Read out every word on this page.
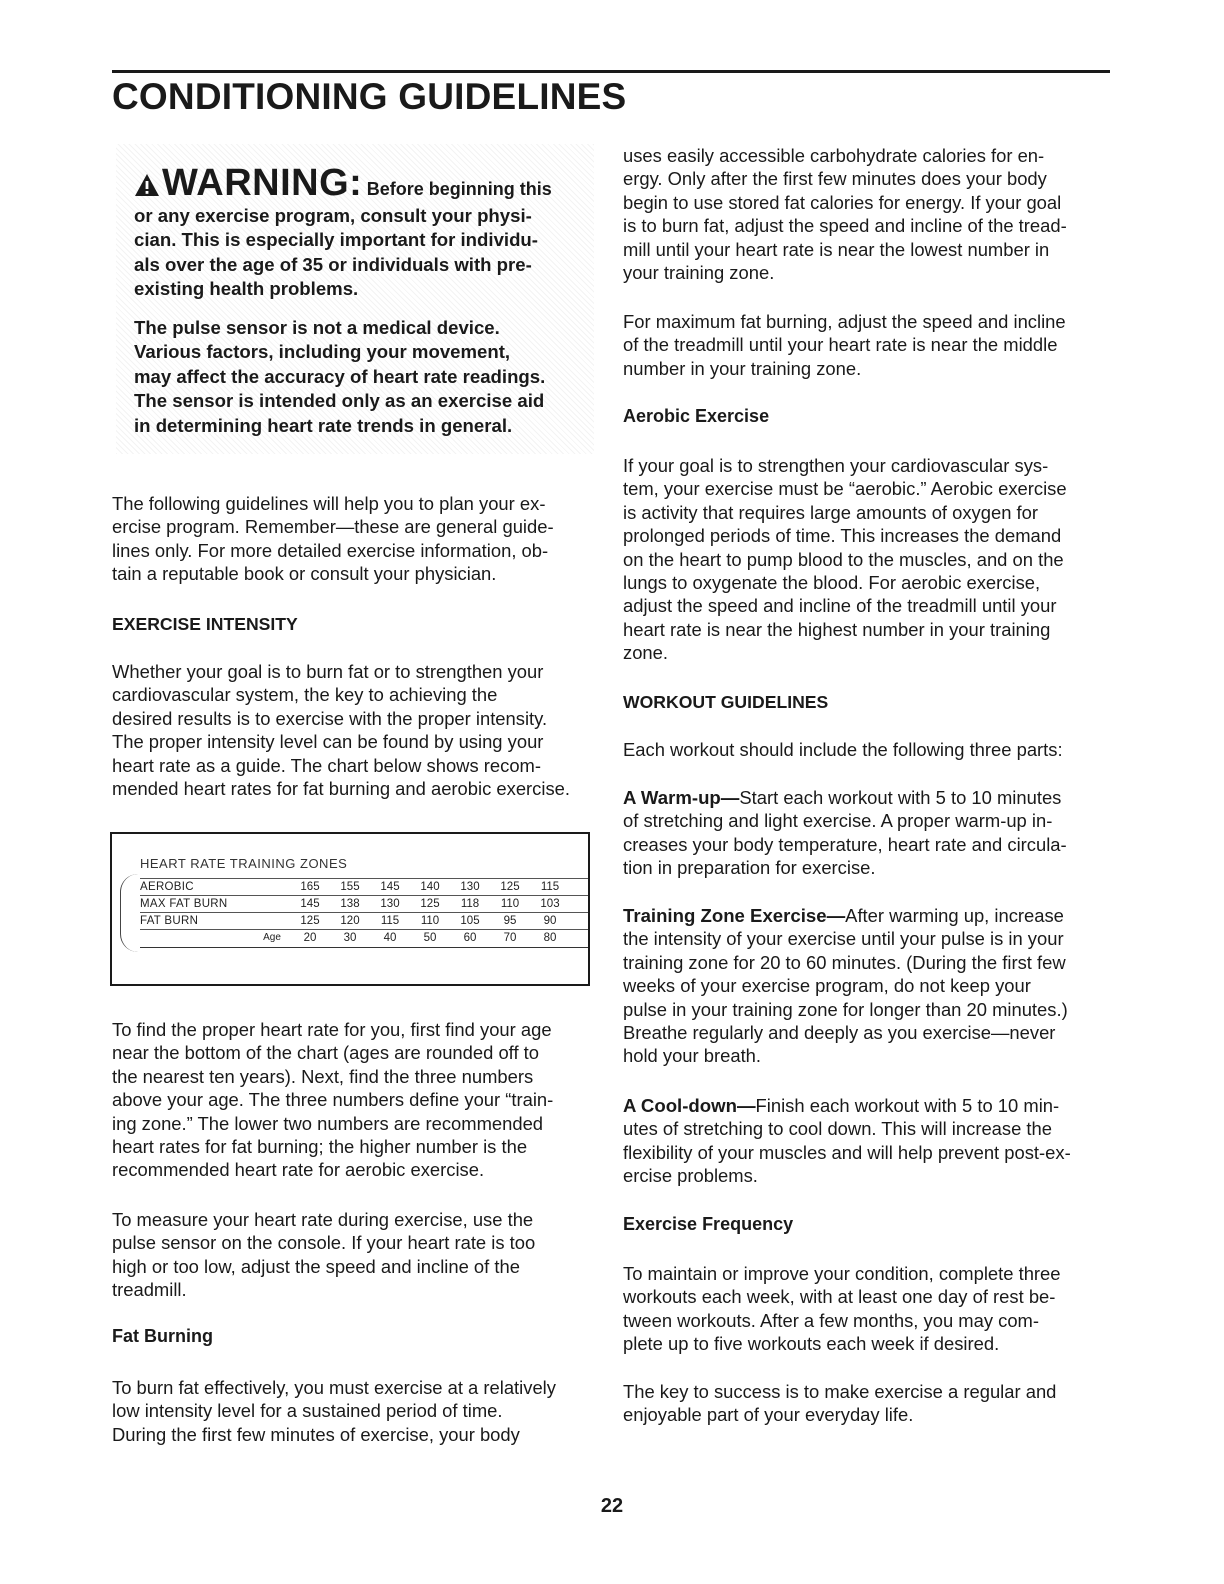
CONDITIONING GUIDELINES
WARNING: Before beginning this
or any exercise program, consult your physi-
cian. This is especially important for individu-
als over the age of 35 or individuals with pre-
existing health problems.
The pulse sensor is not a medical device.
Various factors, including your movement,
may affect the accuracy of heart rate readings.
The sensor is intended only as an exercise aid
in determining heart rate trends in general.

The following guidelines will help you to plan your ex-
ercise program. Remember—these are general guide-
lines only. For more detailed exercise information, ob-
tain a reputable book or consult your physician.

EXERCISE INTENSITY

Whether your goal is to burn fat or to strengthen your
cardiovascular system, the key to achieving the
desired results is to exercise with the proper intensity.
The proper intensity level can be found by using your
heart rate as a guide. The chart below shows recom-
mended heart rates for fat burning and aerobic exercise.

To find the proper heart rate for you, first find your age
near the bottom of the chart (ages are rounded off to
the nearest ten years). Next, find the three numbers
above your age. The three numbers define your “train-
ing zone.” The lower two numbers are recommended
heart rates for fat burning; the higher number is the
recommended heart rate for aerobic exercise.

To measure your heart rate during exercise, use the
pulse sensor on the console. If your heart rate is too
high or too low, adjust the speed and incline of the
treadmill.

Fat Burning

To burn fat effectively, you must exercise at a relatively
low intensity level for a sustained period of time.
During the first few minutes of exercise, your body

HEART RATE TRAINING ZONES
AEROBIC	165	155	145	140	130	125	115
MAX FAT BURN	145	138	130	125	118	110	103
FAT BURN	125	120	115	110	105	95	90
Age	20	30	40	50	60	70	80

uses easily accessible carbohydrate calories for en-
ergy. Only after the first few minutes does your body
begin to use stored fat calories for energy. If your goal
is to burn fat, adjust the speed and incline of the tread-
mill until your heart rate is near the lowest number in
your training zone.

For maximum fat burning, adjust the speed and incline
of the treadmill until your heart rate is near the middle
number in your training zone.

Aerobic Exercise

If your goal is to strengthen your cardiovascular sys-
tem, your exercise must be “aerobic.” Aerobic exercise
is activity that requires large amounts of oxygen for
prolonged periods of time. This increases the demand
on the heart to pump blood to the muscles, and on the
lungs to oxygenate the blood. For aerobic exercise,
adjust the speed and incline of the treadmill until your
heart rate is near the highest number in your training
zone.

WORKOUT GUIDELINES

Each workout should include the following three parts:

A Warm-up—Start each workout with 5 to 10 minutes
of stretching and light exercise. A proper warm-up in-
creases your body temperature, heart rate and circula-
tion in preparation for exercise.

Training Zone Exercise—After warming up, increase
the intensity of your exercise until your pulse is in your
training zone for 20 to 60 minutes. (During the first few
weeks of your exercise program, do not keep your
pulse in your training zone for longer than 20 minutes.)
Breathe regularly and deeply as you exercise—never
hold your breath.

A Cool-down—Finish each workout with 5 to 10 min-
utes of stretching to cool down. This will increase the
flexibility of your muscles and will help prevent post-ex-
ercise problems.

Exercise Frequency

To maintain or improve your condition, complete three
workouts each week, with at least one day of rest be-
tween workouts. After a few months, you may com-
plete up to five workouts each week if desired.

The key to success is to make exercise a regular and
enjoyable part of your everyday life.

22
